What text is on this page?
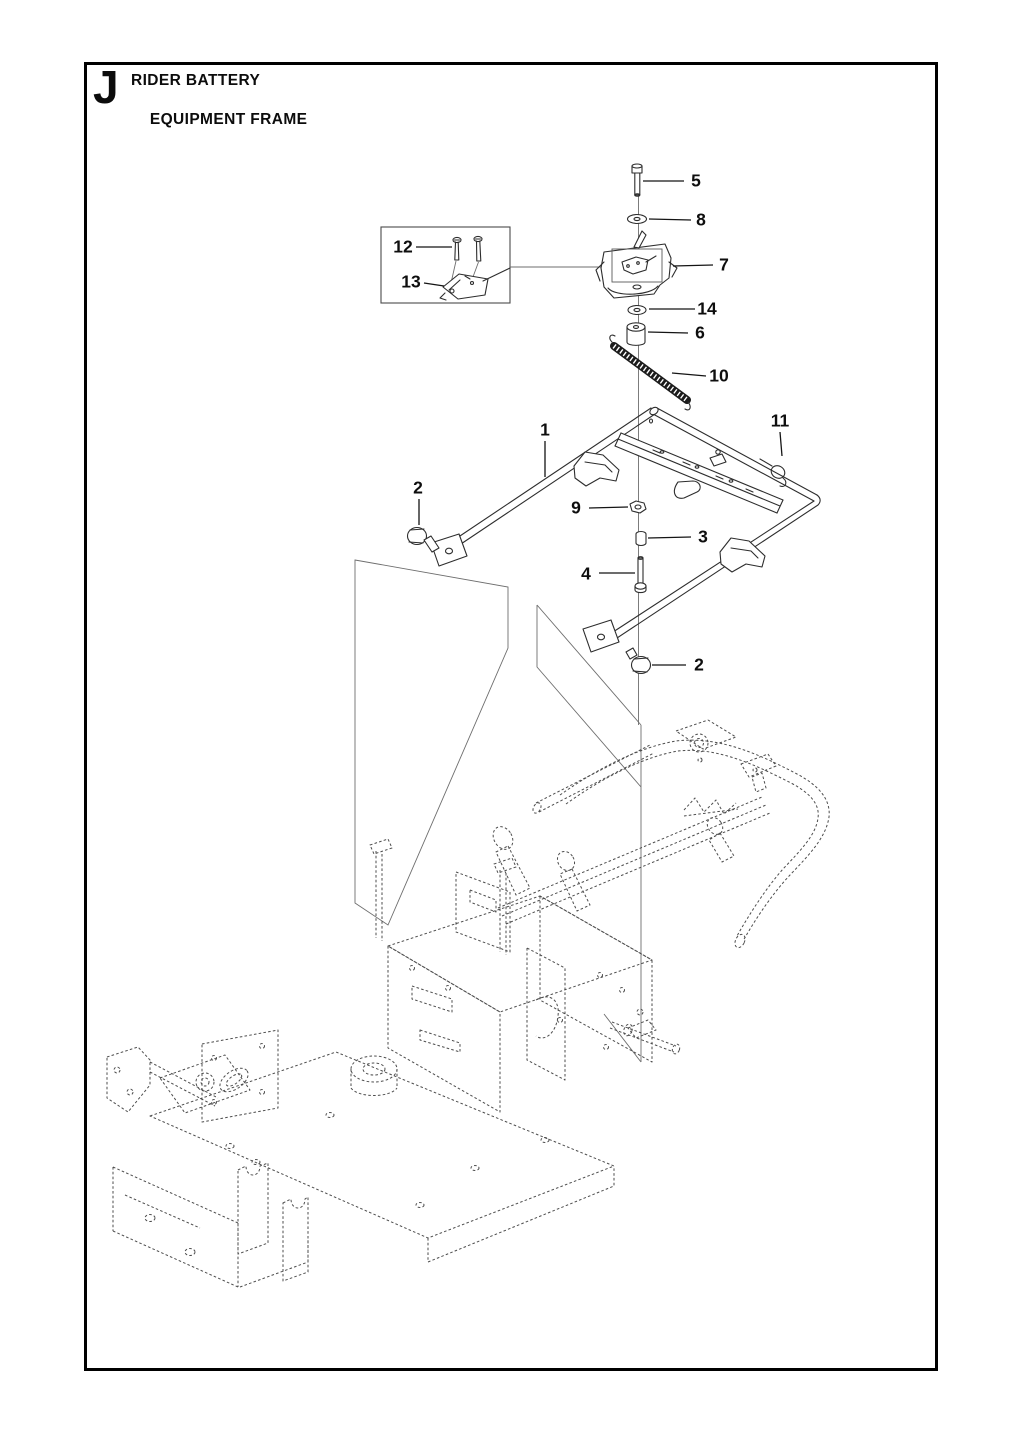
J RIDER BATTERY

EQUIPMENT FRAME

5
8
12
13
7
14
6
10
1	11
2
9
3
4
2
